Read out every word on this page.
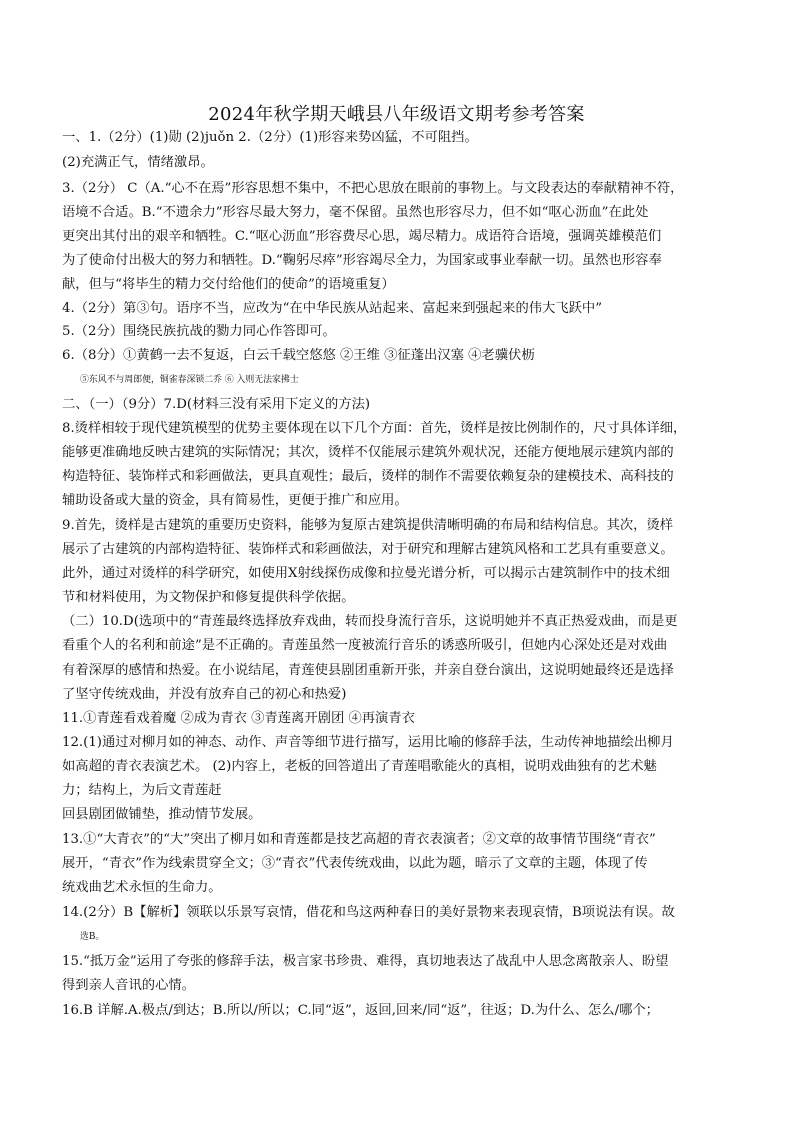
2024年秋学期天峨县八年级语文期考参考答案
一、1.（2分）(1)勋 (2)juǒn 2.（2分）(1)形容来势凶猛，不可阻挡。
(2)充满正气，情绪激昂。
3.（2分） C（A.“心不在焉”形容思想不集中，不把心思放在眼前的事物上。与文段表达的奉献精神不符，
语境不合适。B.“不遗余力”形容尽最大努力，毫不保留。虽然也形容尽力，但不如“呕心沥血”在此处
更突出其付出的艰辛和牺牲。C.“呕心沥血”形容费尽心思，竭尽精力。成语符合语境，强调英雄模范们
为了使命付出极大的努力和牺牲。D.“鞠躬尽瘁”形容竭尽全力，为国家或事业奉献一切。虽然也形容奉
献，但与“将毕生的精力交付给他们的使命”的语境重复）
4.（2分）第③句。语序不当，应改为“在中华民族从站起来、富起来到强起来的伟大飞跃中”
5.（2分）围绕民族抗战的勠力同心作答即可。
6.（8分）①黄鹤一去不复返，白云千载空悠悠 ②王维 ③征蓬出汉塞 ④老骥伏枥
⑤东风不与周郎便，铜雀春深锁二乔 ⑥ 入则无法家拂士
二、（一）（9分）7.D(材料三没有采用下定义的方法)
8.烫样相较于现代建筑模型的优势主要体现在以下几个方面：首先，烫样是按比例制作的，尺寸具体详细，
能够更准确地反映古建筑的实际情况；其次，烫样不仅能展示建筑外观状况，还能方便地展示建筑内部的
构造特征、装饰样式和彩画做法，更具直观性；最后，烫样的制作不需要依赖复杂的建模技术、高科技的
辅助设备或大量的资金，具有简易性，更便于推广和应用。
9.首先，烫样是古建筑的重要历史资料，能够为复原古建筑提供清晰明确的布局和结构信息。其次，烫样
展示了古建筑的内部构造特征、装饰样式和彩画做法，对于研究和理解古建筑风格和工艺具有重要意义。
此外，通过对烫样的科学研究，如使用X射线探伤成像和拉曼光谱分析，可以揭示古建筑制作中的技术细
节和材料使用，为文物保护和修复提供科学依据。
（二）10.D(选项中的“青莲最终选择放弃戏曲，转而投身流行音乐，这说明她并不真正热爱戏曲，而是更
看重个人的名利和前途”是不正确的。青莲虽然一度被流行音乐的诱惑所吸引，但她内心深处还是对戏曲
有着深厚的感情和热爱。在小说结尾，青莲使县剧团重新开张，并亲自登台演出，这说明她最终还是选择
了坚守传统戏曲，并没有放弃自己的初心和热爱)
11.①青莲看戏着魔 ②成为青衣 ③青莲离开剧团 ④再演青衣
12.(1)通过对柳月如的神态、动作、声音等细节进行描写，运用比喻的修辞手法，生动传神地描绘出柳月
如高超的青衣表演艺术。 (2)内容上，老板的回答道出了青莲唱歌能火的真相，说明戏曲独有的艺术魅
力；结构上，为后文青莲赶
回县剧团做铺垫，推动情节发展。
13.①“大青衣”的“大”突出了柳月如和青莲都是技艺高超的青衣表演者；②文章的故事情节围绕“青衣”
展开，“青衣”作为线索贯穿全文；③“青衣”代表传统戏曲，以此为题，暗示了文章的主题，体现了传
统戏曲艺术永恒的生命力。
14.(2分）B【解析】领联以乐景写哀情，借花和鸟这两种春日的美好景物来表现哀情，B项说法有误。故
选B。
15.“抵万金”运用了夸张的修辞手法，极言家书珍贵、难得，真切地表达了战乱中人思念离散亲人、盼望
得到亲人音讯的心情。
16.B 详解.A.极点/到达；B.所以/所以；C.同“返”，返回,回来/同“返”，往返；D.为什么、怎么/哪个；
